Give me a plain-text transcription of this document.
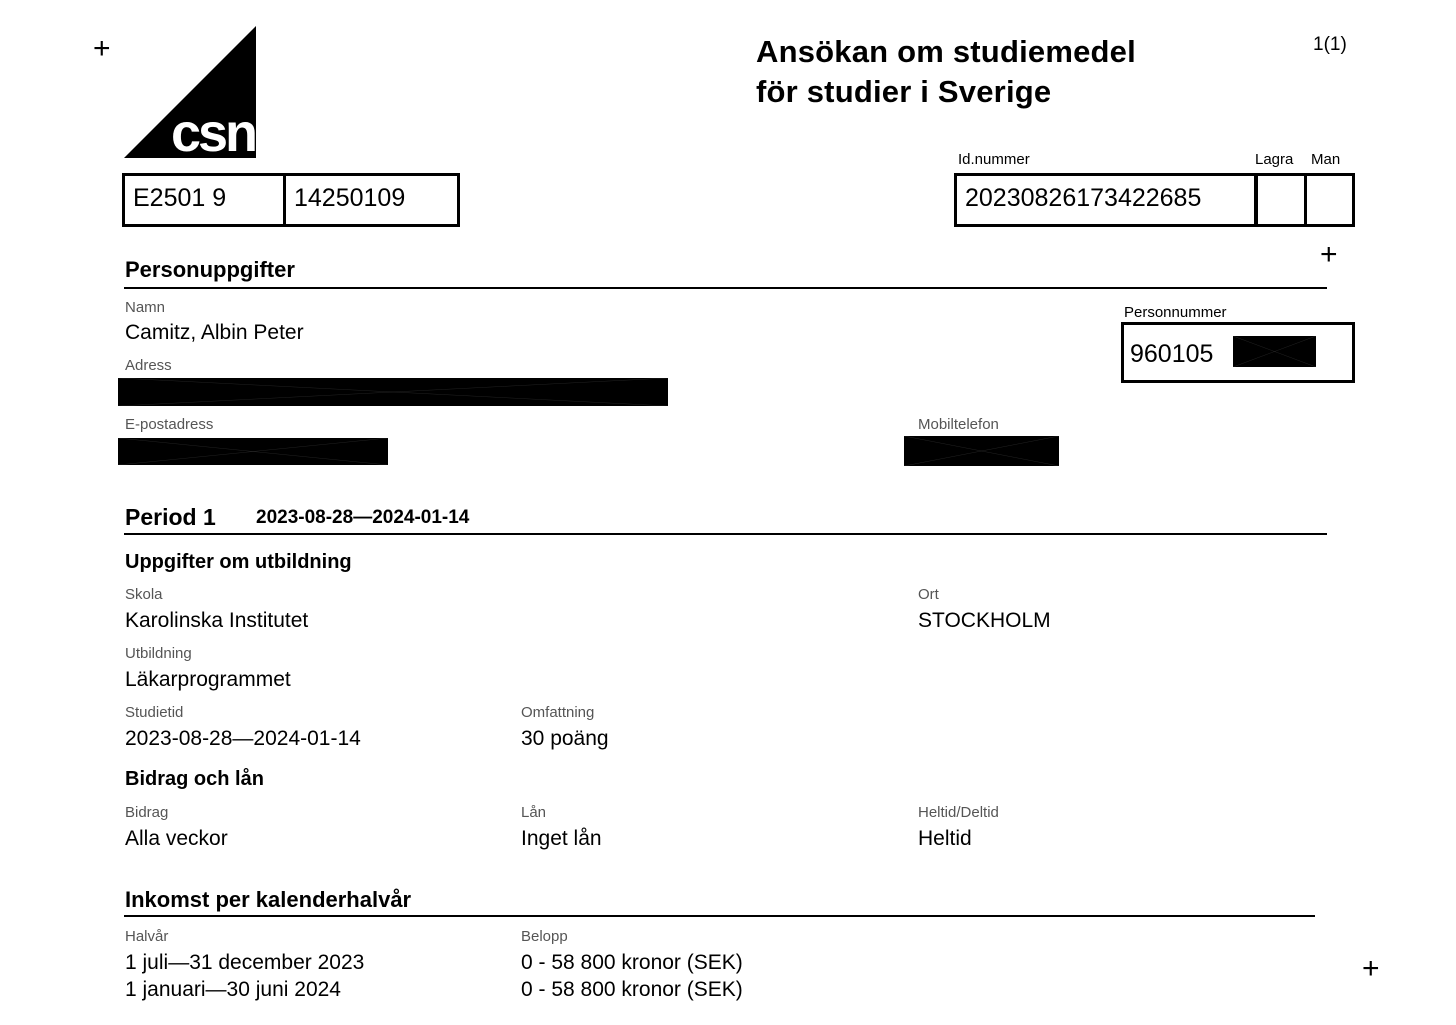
+
+
+
csn
Ansökan om studiemedel
för studier i Sverige
1(1)
E2501 9	14250109
Id.nummer	Lagra Man
20230826173422685
Personuppgifter
Namn
Camitz, Albin Peter
Adress
E-postadress	Mobiltelefon
Personnummer
960105
Period 1 2023-08-28—2024-01-14
Uppgifter om utbildning
Skola
Karolinska Institutet
Ort
STOCKHOLM
Utbildning
Läkarprogrammet
Studietid
2023-08-28—2024-01-14
Omfattning
30 poäng
Bidrag och lån
Bidrag
Alla veckor
Lån
Inget lån
Heltid/Deltid
Heltid
Inkomst per kalenderhalvår
Halvår	Belopp
1 juli—31 december 2023	0 - 58 800 kronor (SEK)
1 januari—30 juni 2024	0 - 58 800 kronor (SEK)
